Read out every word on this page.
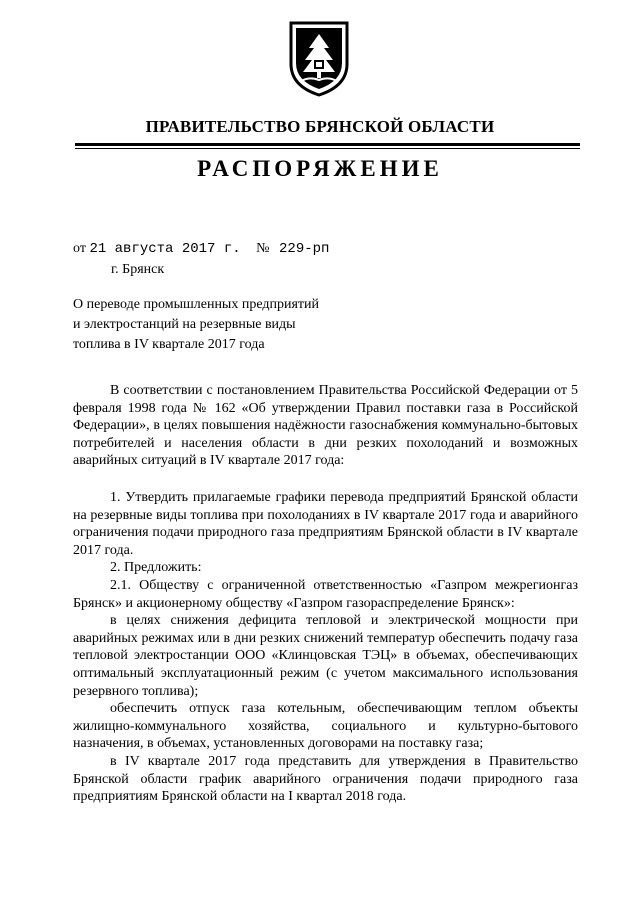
ПРАВИТЕЛЬСТВО БРЯНСКОЙ ОБЛАСТИ
РАСПОРЯЖЕНИЕ
от 21 августа 2017 г. № 229-рп
г. Брянск
О переводе промышленных предприятий
и электростанций на резервные виды
топлива в IV квартале 2017 года

В соответствии с постановлением Правительства Российской Федерации от 5 февраля 1998 года № 162 «Об утверждении Правил поставки газа в Российской Федерации», в целях повышения надёжности газоснабжения коммунально-бытовых потребителей и населения области в дни резких похолоданий и возможных аварийных ситуаций в IV квартале 2017 года:

1. Утвердить прилагаемые графики перевода предприятий Брянской области на резервные виды топлива при похолоданиях в IV квартале 2017 года и аварийного ограничения подачи природного газа предприятиям Брянской области в IV квартале 2017 года.

2. Предложить:

2.1. Обществу с ограниченной ответственностью «Газпром межрегионгаз Брянск» и акционерному обществу «Газпром газораспределение Брянск»:

в целях снижения дефицита тепловой и электрической мощности при аварийных режимах или в дни резких снижений температур обеспечить подачу газа тепловой электростанции ООО «Клинцовская ТЭЦ» в объемах, обеспечивающих оптимальный эксплуатационный режим (с учетом максимального использования резервного топлива);

обеспечить отпуск газа котельным, обеспечивающим теплом объекты жилищно-коммунального хозяйства, социального и культурно-бытового назначения, в объемах, установленных договорами на поставку газа;

в IV квартале 2017 года представить для утверждения в Правительство Брянской области график аварийного ограничения подачи природного газа предприятиям Брянской области на I квартал 2018 года.
